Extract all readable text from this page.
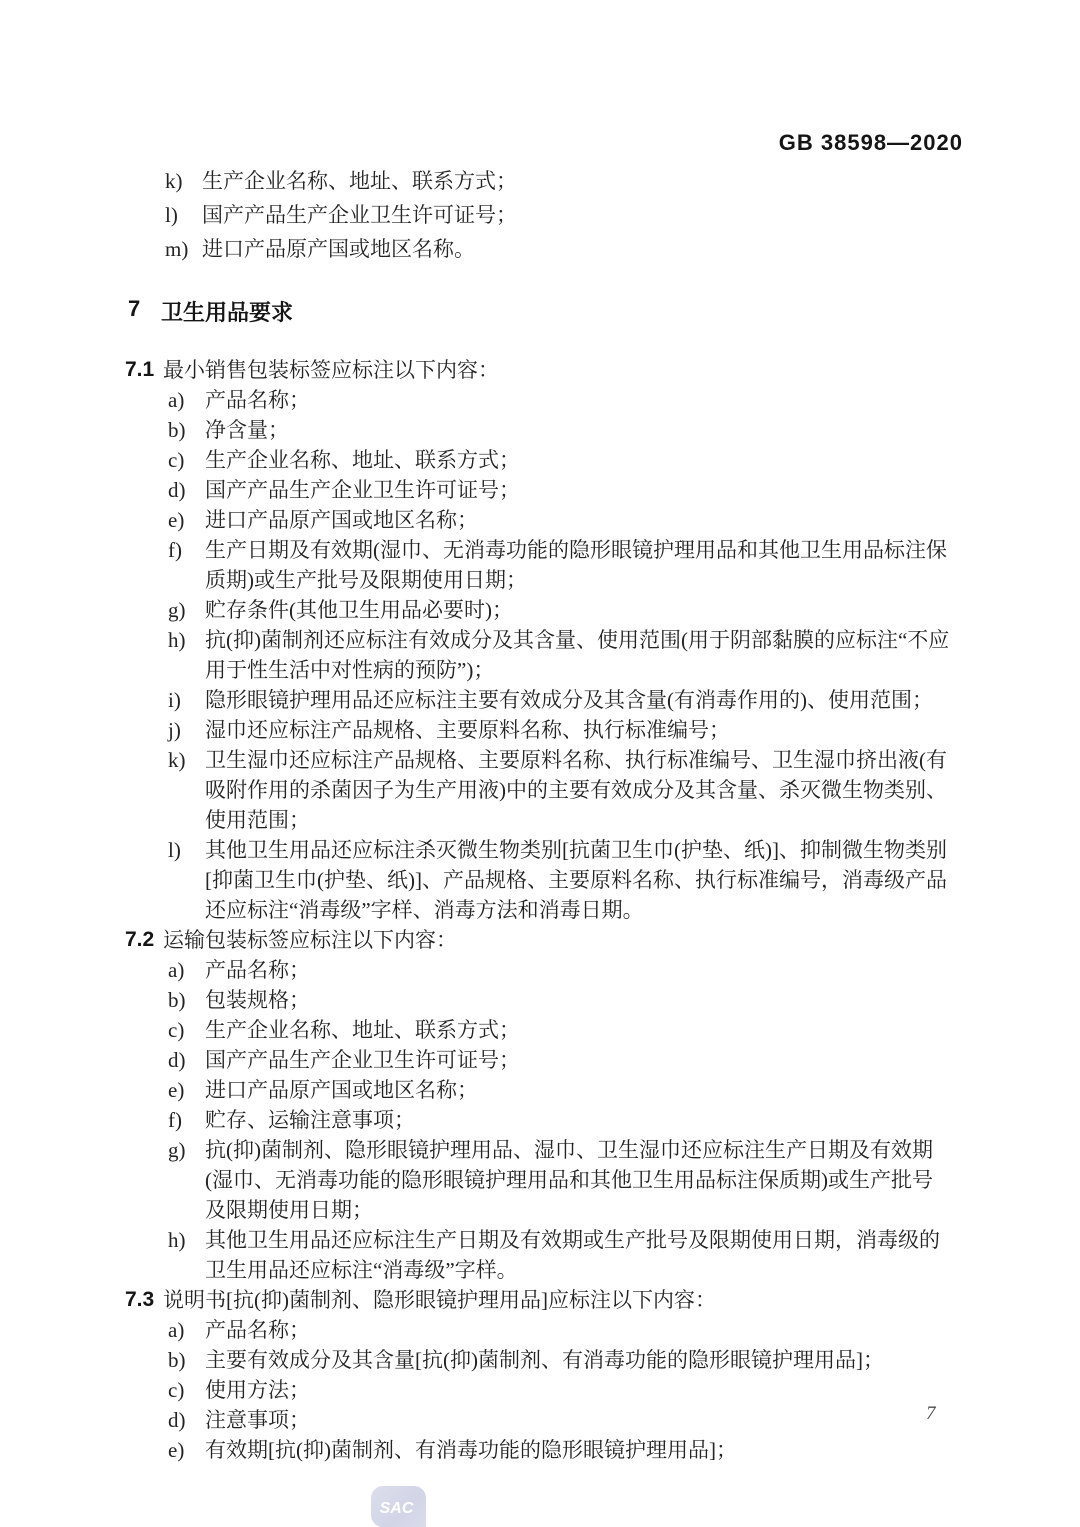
GB 38598—2020
k) 生产企业名称、地址、联系方式；
l)	国产产品生产企业卫生许可证号；
m) 进口产品原产国或地区名称。
7 卫生用品要求
7.1 最小销售包装标签应标注以下内容：
a) 产品名称；
b) 净含量；
c) 生产企业名称、地址、联系方式；
d) 国产产品生产企业卫生许可证号；
e) 进口产品原产国或地区名称；
f)	生产日期及有效期(湿巾、无消毒功能的隐形眼镜护理用品和其他卫生用品标注保质期)或生产批号及限期使用日期；
g) 贮存条件(其他卫生用品必要时)；
h) 抗(抑)菌制剂还应标注有效成分及其含量、使用范围(用于阴部黏膜的应标注“不应用于性生活中对性病的预防”)；
i)	隐形眼镜护理用品还应标注主要有效成分及其含量(有消毒作用的)、使用范围；
j)	湿巾还应标注产品规格、主要原料名称、执行标准编号；
k) 卫生湿巾还应标注产品规格、主要原料名称、执行标准编号、卫生湿巾挤出液(有吸附作用的杀菌因子为生产用液)中的主要有效成分及其含量、杀灭微生物类别、使用范围；
l)	其他卫生用品还应标注杀灭微生物类别[抗菌卫生巾(护垫、纸)]、抑制微生物类别[抑菌卫生巾(护垫、纸)]、产品规格、主要原料名称、执行标准编号，消毒级产品还应标注“消毒级”字样、消毒方法和消毒日期。
7.2 运输包装标签应标注以下内容：
a) 产品名称；
b) 包装规格；
c) 生产企业名称、地址、联系方式；
d) 国产产品生产企业卫生许可证号；
e) 进口产品原产国或地区名称；
f)	贮存、运输注意事项；
g) 抗(抑)菌制剂、隐形眼镜护理用品、湿巾、卫生湿巾还应标注生产日期及有效期(湿巾、无消毒功能的隐形眼镜护理用品和其他卫生用品标注保质期)或生产批号及限期使用日期；
h) 其他卫生用品还应标注生产日期及有效期或生产批号及限期使用日期，消毒级的卫生用品还应标注“消毒级”字样。
7.3 说明书[抗(抑)菌制剂、隐形眼镜护理用品]应标注以下内容：
a) 产品名称；
b) 主要有效成分及其含量[抗(抑)菌制剂、有消毒功能的隐形眼镜护理用品]；
c) 使用方法；
d) 注意事项；
e) 有效期[抗(抑)菌制剂、有消毒功能的隐形眼镜护理用品]；
7
SAC
